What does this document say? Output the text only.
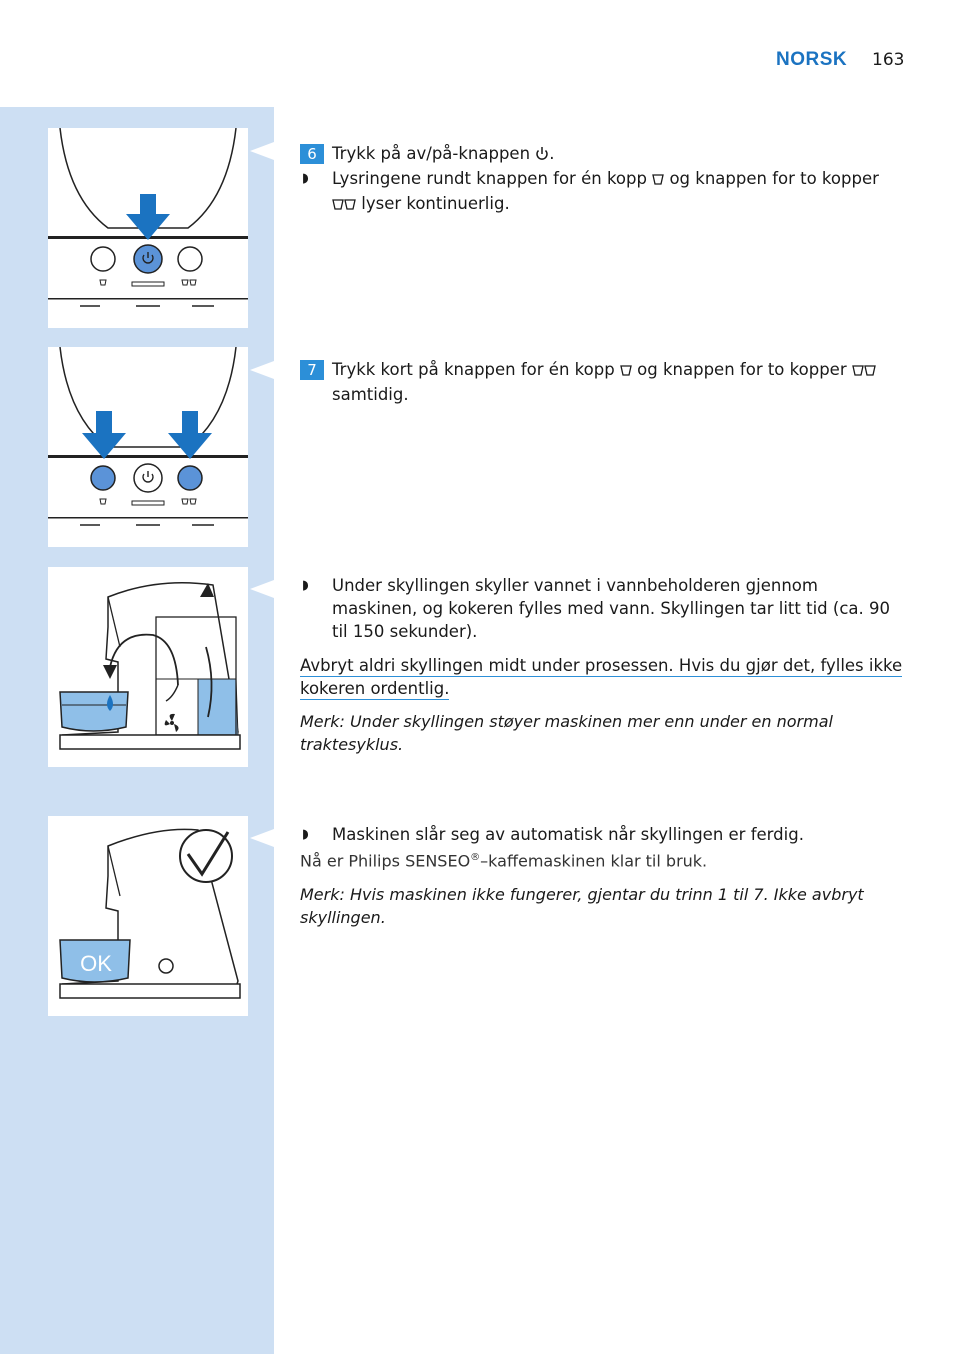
NORSK 163
OK
6 Trykk på av/på-knappen .
◗ Lysringene rundt knappen for én kopp og knappen for to kopper
lyser kontinuerlig.
7 Trykk kort på knappen for én kopp og knappen for to kopper
samtidig.
◗ Under skyllingen skyller vannet i vannbeholderen gjennom maskinen, og kokeren fylles med vann. Skyllingen tar litt tid (ca. 90 til 150 sekunder).
Avbryt aldri skyllingen midt under prosessen. Hvis du gjør det, fylles ikke kokeren ordentlig.
Merk: Under skyllingen støyer maskinen mer enn under en normal traktesyklus.
◗ Maskinen slår seg av automatisk når skyllingen er ferdig.
Nå er Philips SENSEO®–kaffemaskinen klar til bruk.
Merk: Hvis maskinen ikke fungerer, gjentar du trinn 1 til 7. Ikke avbryt skyllingen.
